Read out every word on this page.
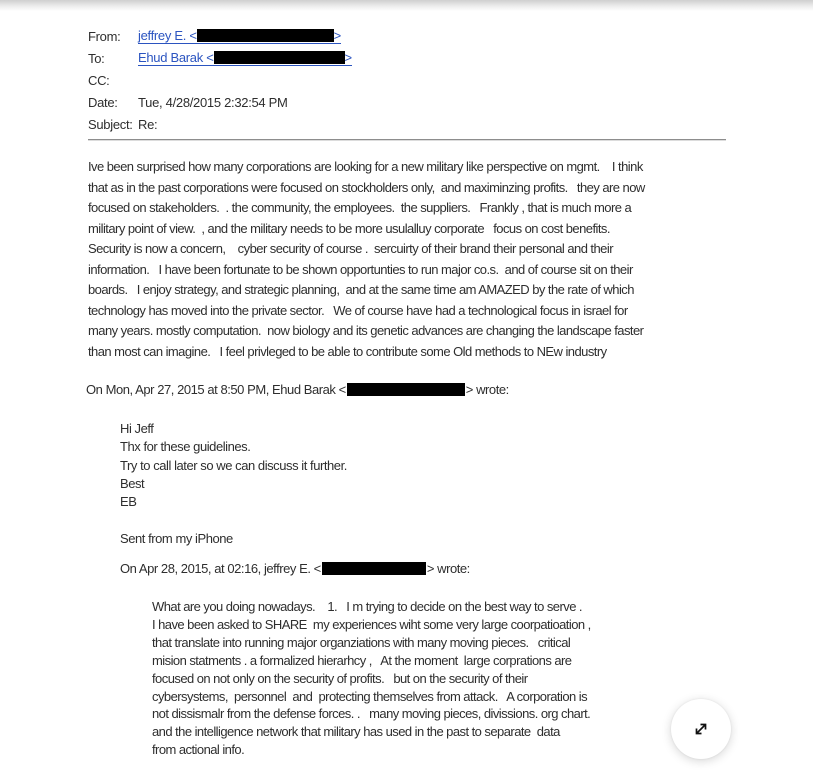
From:	jeffrey E. <	>
To:	Ehud Barak <	>
CC:
Date:	Tue, 4/28/2015 2:32:54 PM
Subject: Re:
Ive been surprised how many corporations are looking for a new military like perspective on mgmt.    I think
that as in the past corporations were focused on stockholders only,  and maximinzing profits.   they are now
focused on stakeholders.  . the community, the employees.  the suppliers.   Frankly , that is much more a
military point of view.  , and the military needs to be more usulalluy corporate   focus on cost benefits.
Security is now a concern,    cyber security of course .  sercuirty of their brand their personal and their
information.   I have been fortunate to be shown opportunties to run major co.s.  and of course sit on their
boards.   I enjoy strategy, and strategic planning,  and at the same time am AMAZED by the rate of which
technology has moved into the private sector.   We of course have had a technological focus in israel for
many years. mostly computation.  now biology and its genetic advances are changing the landscape faster
than most can imagine.   I feel privleged to be able to contribute some Old methods to NEw industry
On Mon, Apr 27, 2015 at 8:50 PM, Ehud Barak <	> wrote:
Hi Jeff
Thx for these guidelines.
Try to call later so we can discuss it further.
Best
EB

Sent from my iPhone
On Apr 28, 2015, at 02:16, jeffrey E. <	> wrote:
What are you doing nowadays.    1.   I m trying to decide on the best way to serve .
I have been asked to SHARE  my experiences wiht some very large coorpatioation ,
that translate into running major organziations with many moving pieces.   critical
mision statments . a formalized hierarhcy ,   At the moment  large corprations are
focused on not only on the security of profits.   but on the security of their
cybersystems,  personnel  and  protecting themselves from attack.   A corporation is
not dissismalr from the defense forces. .   many moving pieces, divissions. org chart.
and the intelligence network that military has used in the past to separate  data
from actional info.
